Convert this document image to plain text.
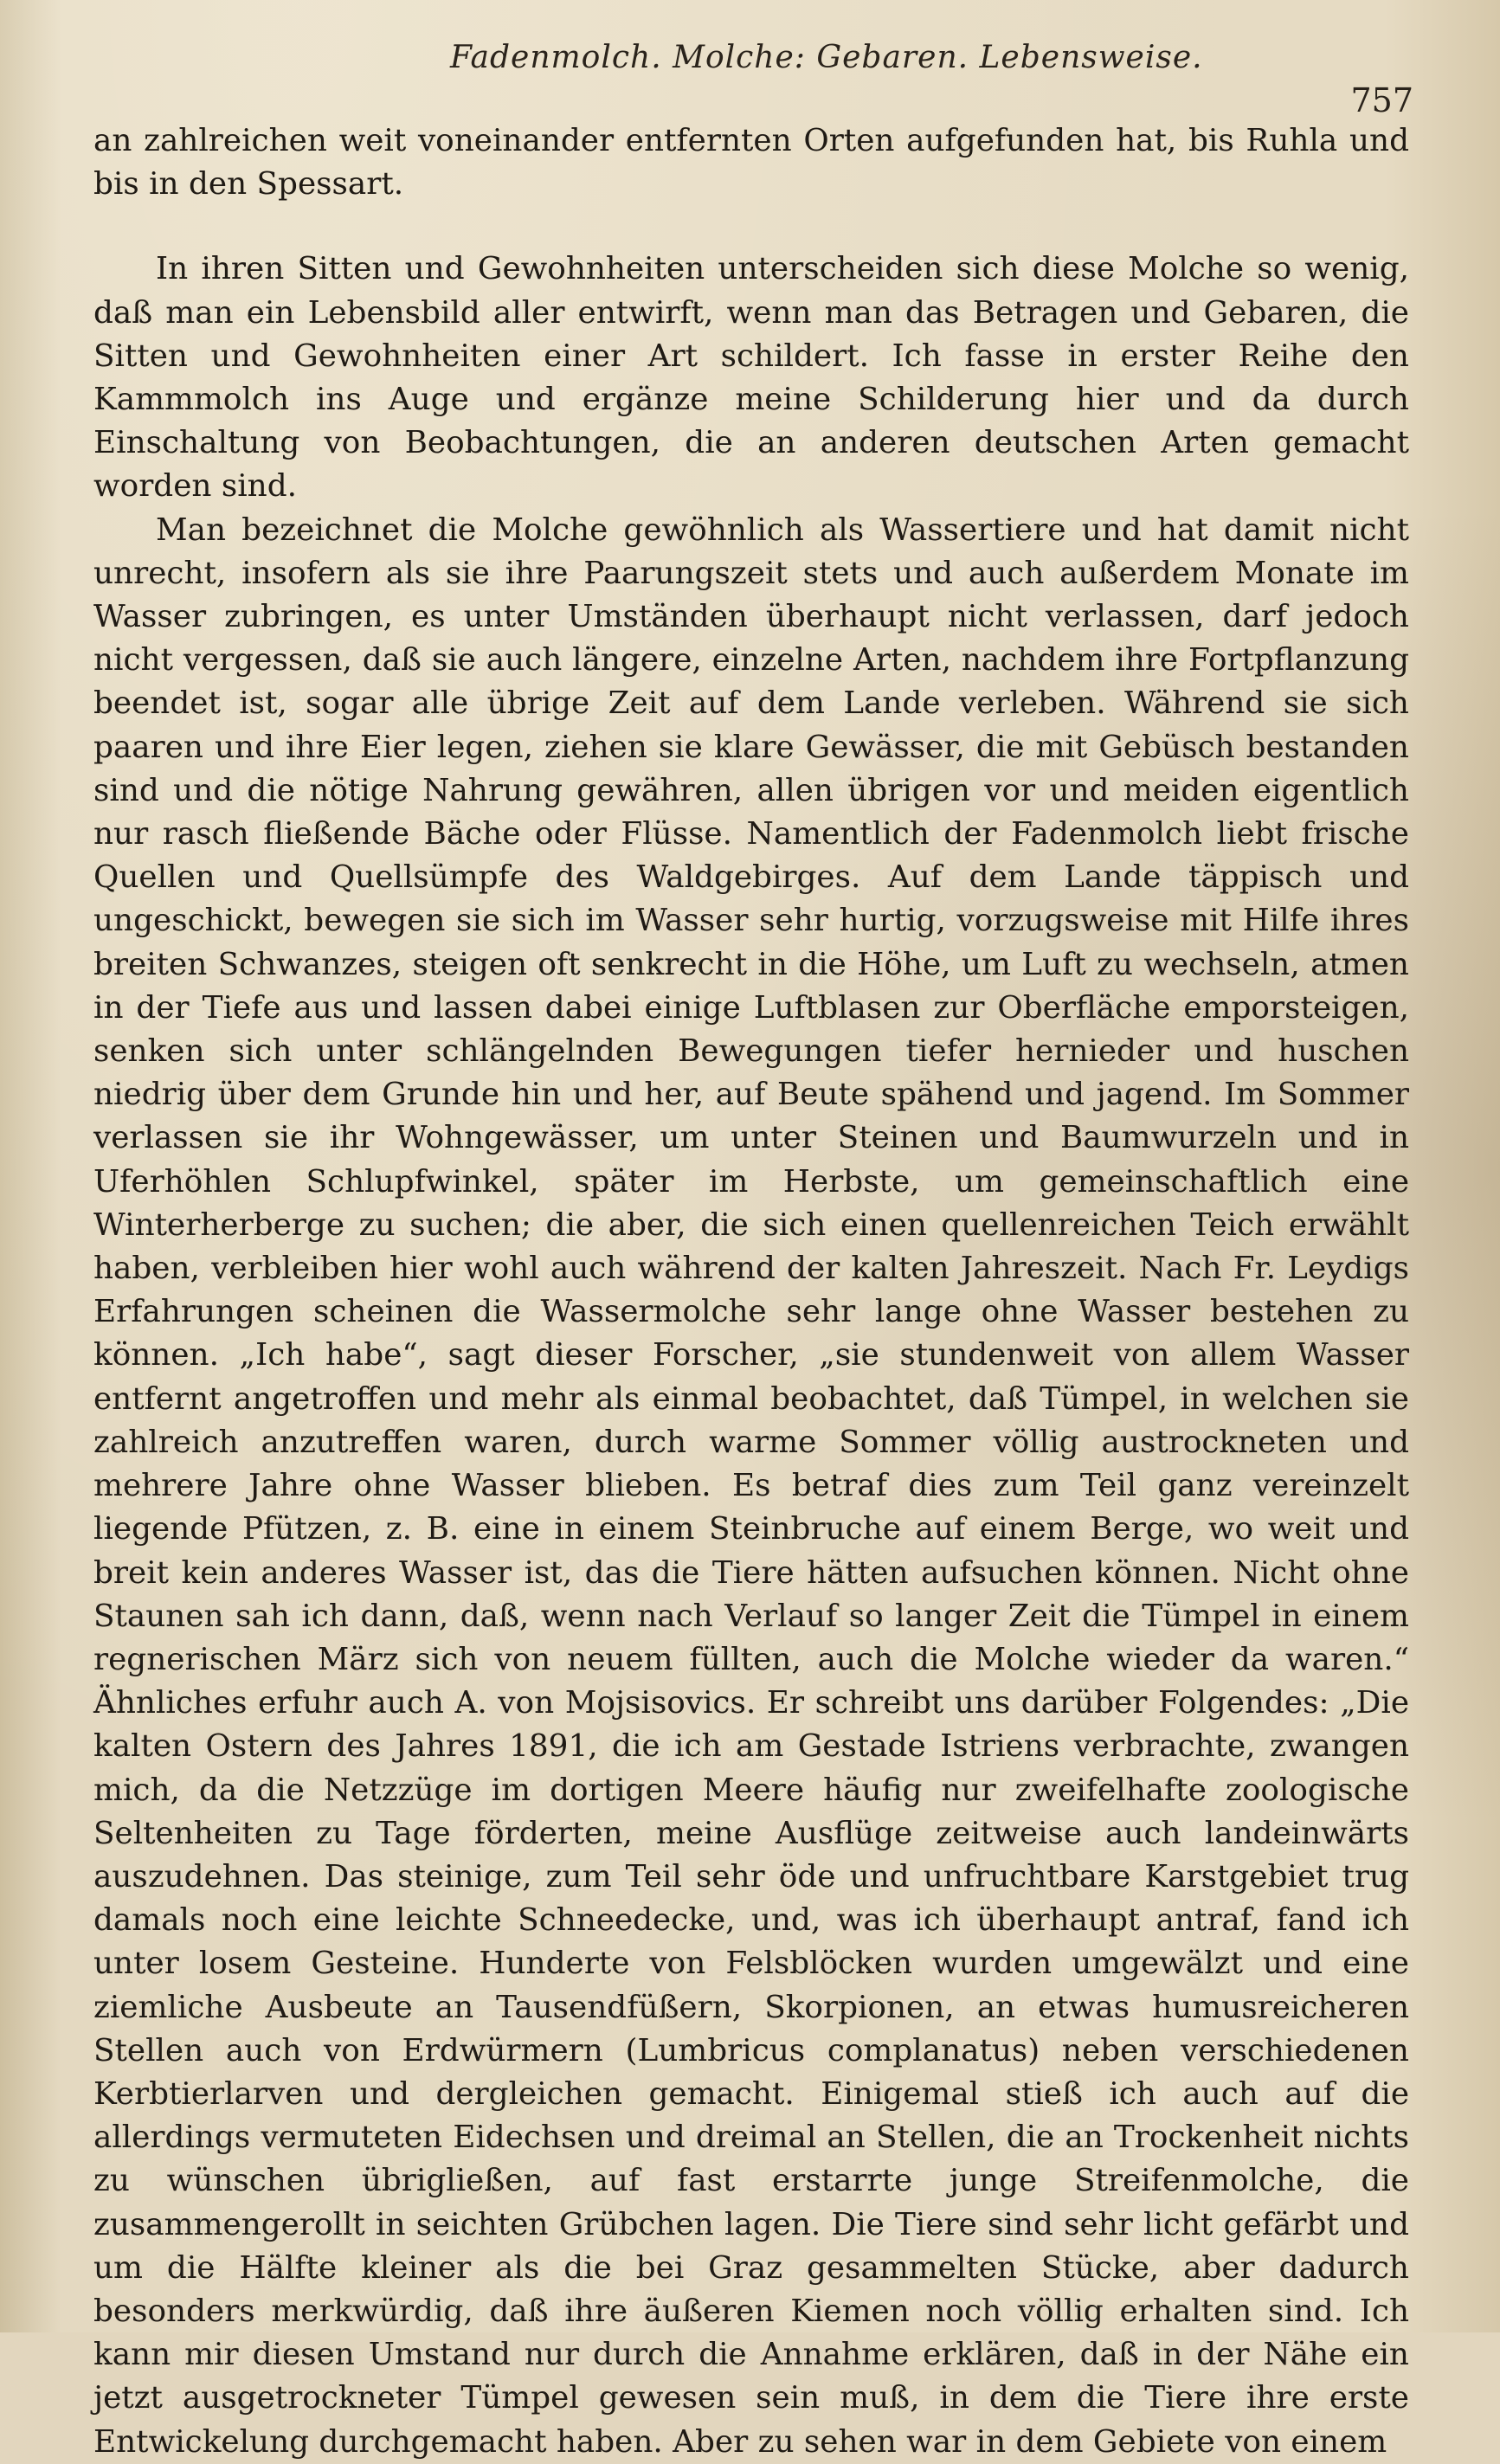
Fadenmolch. Molche: Gebaren. Lebensweise.
757

an zahlreichen weit voneinander entfernten Orten aufgefunden hat, bis Ruhla und bis in den Spessart.

In ihren Sitten und Gewohnheiten unterscheiden sich diese Molche so wenig, daß man ein Lebensbild aller entwirft, wenn man das Betragen und Gebaren, die Sitten und Gewohnheiten einer Art schildert. Ich fasse in erster Reihe den Kammmolch ins Auge und ergänze meine Schilderung hier und da durch Einschaltung von Beobachtungen, die an anderen deutschen Arten gemacht worden sind.

Man bezeichnet die Molche gewöhnlich als Wassertiere und hat damit nicht unrecht, insofern als sie ihre Paarungszeit stets und auch außerdem Monate im Wasser zubringen, es unter Umständen überhaupt nicht verlassen, darf jedoch nicht vergessen, daß sie auch längere, einzelne Arten, nachdem ihre Fortpflanzung beendet ist, sogar alle übrige Zeit auf dem Lande verleben. Während sie sich paaren und ihre Eier legen, ziehen sie klare Gewässer, die mit Gebüsch bestanden sind und die nötige Nahrung gewähren, allen übrigen vor und meiden eigentlich nur rasch fließende Bäche oder Flüsse. Namentlich der Fadenmolch liebt frische Quellen und Quellsümpfe des Waldgebirges. Auf dem Lande täppisch und ungeschickt, bewegen sie sich im Wasser sehr hurtig, vorzugsweise mit Hilfe ihres breiten Schwanzes, steigen oft senkrecht in die Höhe, um Luft zu wechseln, atmen in der Tiefe aus und lassen dabei einige Luftblasen zur Oberfläche emporsteigen, senken sich unter schlängelnden Bewegungen tiefer hernieder und huschen niedrig über dem Grunde hin und her, auf Beute spähend und jagend. Im Sommer verlassen sie ihr Wohngewässer, um unter Steinen und Baumwurzeln und in Uferhöhlen Schlupfwinkel, später im Herbste, um gemeinschaftlich eine Winterherberge zu suchen; die aber, die sich einen quellenreichen Teich erwählt haben, verbleiben hier wohl auch während der kalten Jahreszeit. Nach Fr. Leydigs Erfahrungen scheinen die Wassermolche sehr lange ohne Wasser bestehen zu können. „Ich habe“, sagt dieser Forscher, „sie stundenweit von allem Wasser entfernt angetroffen und mehr als einmal beobachtet, daß Tümpel, in welchen sie zahlreich anzutreffen waren, durch warme Sommer völlig austrockneten und mehrere Jahre ohne Wasser blieben. Es betraf dies zum Teil ganz vereinzelt liegende Pfützen, z. B. eine in einem Steinbruche auf einem Berge, wo weit und breit kein anderes Wasser ist, das die Tiere hätten aufsuchen können. Nicht ohne Staunen sah ich dann, daß, wenn nach Verlauf so langer Zeit die Tümpel in einem regnerischen März sich von neuem füllten, auch die Molche wieder da waren.“ Ähnliches erfuhr auch A. von Mojsisovics. Er schreibt uns darüber Folgendes: „Die kalten Ostern des Jahres 1891, die ich am Gestade Istriens verbrachte, zwangen mich, da die Netzzüge im dortigen Meere häufig nur zweifelhafte zoologische Seltenheiten zu Tage förderten, meine Ausflüge zeitweise auch landeinwärts auszudehnen. Das steinige, zum Teil sehr öde und unfruchtbare Karstgebiet trug damals noch eine leichte Schneedecke, und, was ich überhaupt antraf, fand ich unter losem Gesteine. Hunderte von Felsblöcken wurden umgewälzt und eine ziemliche Ausbeute an Tausendfüßern, Skorpionen, an etwas humusreicheren Stellen auch von Erdwürmern (Lumbricus complanatus) neben verschiedenen Kerbtierlarven und dergleichen gemacht. Einigemal stieß ich auch auf die allerdings vermuteten Eidechsen und dreimal an Stellen, die an Trockenheit nichts zu wünschen übrigließen, auf fast erstarrte junge Streifenmolche, die zusammengerollt in seichten Grübchen lagen. Die Tiere sind sehr licht gefärbt und um die Hälfte kleiner als die bei Graz gesammelten Stücke, aber dadurch besonders merkwürdig, daß ihre äußeren Kiemen noch völlig erhalten sind. Ich kann mir diesen Umstand nur durch die Annahme erklären, daß in der Nähe ein jetzt ausgetrockneter Tümpel gewesen sein muß, in dem die Tiere ihre erste Entwickelung durchgemacht haben. Aber zu sehen war in dem Gebiete von einem
